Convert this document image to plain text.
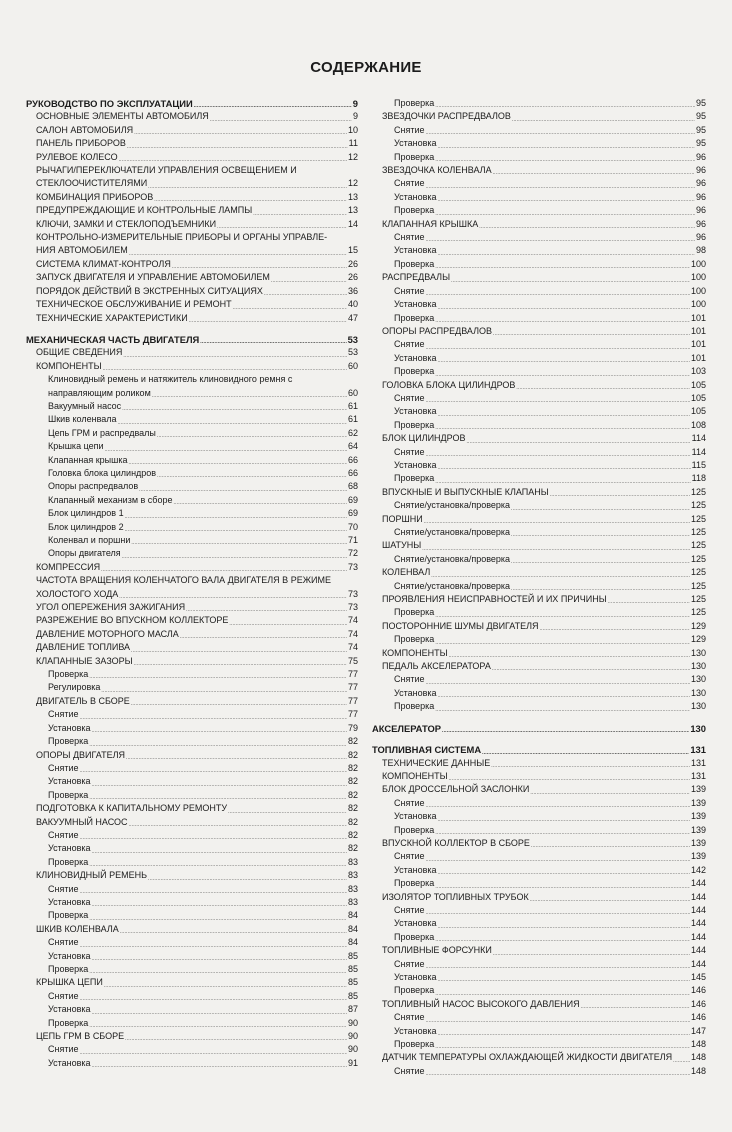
СОДЕРЖАНИЕ
РУКОВОДСТВО ПО ЭКСПЛУАТАЦИИ . . .	9
ОСНОВНЫЕ ЭЛЕМЕНТЫ АВТОМОБИЛЯ . . .	9
САЛОН АВТОМОБИЛЯ . . .	10
ПАНЕЛЬ ПРИБОРОВ . . .	11
РУЛЕВОЕ КОЛЕСО . . .	12
РЫЧАГИ/ПЕРЕКЛЮЧАТЕЛИ УПРАВЛЕНИЯ ОСВЕЩЕНИЕМ И
СТЕКЛООЧИСТИТЕЛЯМИ . . .	12
КОМБИНАЦИЯ ПРИБОРОВ . . .	13
ПРЕДУПРЕЖДАЮЩИЕ И КОНТРОЛЬНЫЕ ЛАМПЫ . . .	13
КЛЮЧИ, ЗАМКИ И СТЕКЛОПОДЪЕМНИКИ . . .	14
КОНТРОЛЬНО-ИЗМЕРИТЕЛЬНЫЕ ПРИБОРЫ И ОРГАНЫ УПРАВЛЕ-
НИЯ АВТОМОБИЛЕМ . . .	15
СИСТЕМА КЛИМАТ-КОНТРОЛЯ . . .	26
ЗАПУСК ДВИГАТЕЛЯ И УПРАВЛЕНИЕ АВТОМОБИЛЕМ . . .	26
ПОРЯДОК ДЕЙСТВИЙ В ЭКСТРЕННЫХ СИТУАЦИЯХ . . .	36
ТЕХНИЧЕСКОЕ ОБСЛУЖИВАНИЕ И РЕМОНТ . . .	40
ТЕХНИЧЕСКИЕ ХАРАКТЕРИСТИКИ . . .	47
МЕХАНИЧЕСКАЯ ЧАСТЬ ДВИГАТЕЛЯ . . .	53
ОБЩИЕ СВЕДЕНИЯ . . .	53
КОМПОНЕНТЫ . . .	60
Клиновидный ремень и натяжитель клиновидного ремня с
направляющим роликом . . .	60
Вакуумный насос . . .	61
Шкив коленвала . . .	61
Цепь ГРМ и распредвалы . . .	62
Крышка цепи . . .	64
Клапанная крышка . . .	66
Головка блока цилиндров . . .	66
Опоры распредвалов . . .	68
Клапанный механизм в сборе . . .	69
Блок цилиндров 1 . . .	69
Блок цилиндров 2 . . .	70
Коленвал и поршни . . .	71
Опоры двигателя . . .	72
КОМПРЕССИЯ . . .	73
ЧАСТОТА ВРАЩЕНИЯ КОЛЕНЧАТОГО ВАЛА ДВИГАТЕЛЯ В РЕЖИМЕ
ХОЛОСТОГО ХОДА . . .	73
УГОЛ ОПЕРЕЖЕНИЯ ЗАЖИГАНИЯ . . .	73
РАЗРЕЖЕНИЕ ВО ВПУСКНОМ КОЛЛЕКТОРЕ . . .	74
ДАВЛЕНИЕ МОТОРНОГО МАСЛА . . .	74
ДАВЛЕНИЕ ТОПЛИВА . . .	74
КЛАПАННЫЕ ЗАЗОРЫ . . .	75
Проверка . . .	77
Регулировка . . .	77
ДВИГАТЕЛЬ В СБОРЕ . . .	77
Снятие . . .	77
Установка . . .	79
Проверка . . .	82
ОПОРЫ ДВИГАТЕЛЯ . . .	82
Снятие . . .	82
Установка . . .	82
Проверка . . .	82
ПОДГОТОВКА К КАПИТАЛЬНОМУ РЕМОНТУ . . .	82
ВАКУУМНЫЙ НАСОС . . .	82
Снятие . . .	82
Установка . . .	82
Проверка . . .	83
КЛИНОВИДНЫЙ РЕМЕНЬ . . .	83
Снятие . . .	83
Установка . . .	83
Проверка . . .	84
ШКИВ КОЛЕНВАЛА . . .	84
Снятие . . .	84
Установка . . .	85
Проверка . . .	85
КРЫШКА ЦЕПИ . . .	85
Снятие . . .	85
Установка . . .	87
Проверка . . .	90
ЦЕПЬ ГРМ В СБОРЕ . . .	90
Снятие . . .	90
Установка . . .	91
Проверка . . .	95
ЗВЕЗДОЧКИ РАСПРЕДВАЛОВ . . .	95
Снятие . . .	95
Установка . . .	95
Проверка . . .	96
ЗВЕЗДОЧКА КОЛЕНВАЛА . . .	96
Снятие . . .	96
Установка . . .	96
Проверка . . .	96
КЛАПАННАЯ КРЫШКА . . .	96
Снятие . . .	96
Установка . . .	98
Проверка . . .	100
РАСПРЕДВАЛЫ . . .	100
Снятие . . .	100
Установка . . .	100
Проверка . . .	101
ОПОРЫ РАСПРЕДВАЛОВ . . .	101
Снятие . . .	101
Установка . . .	101
Проверка . . .	103
ГОЛОВКА БЛОКА ЦИЛИНДРОВ . . .	105
Снятие . . .	105
Установка . . .	105
Проверка . . .	108
БЛОК ЦИЛИНДРОВ . . .	114
Снятие . . .	114
Установка . . .	115
Проверка . . .	118
ВПУСКНЫЕ И ВЫПУСКНЫЕ КЛАПАНЫ . . .	125
Снятие/установка/проверка . . .	125
ПОРШНИ . . .	125
Снятие/установка/проверка . . .	125
ШАТУНЫ . . .	125
Снятие/установка/проверка . . .	125
КОЛЕНВАЛ . . .	125
Снятие/установка/проверка . . .	125
ПРОЯВЛЕНИЯ НЕИСПРАВНОСТЕЙ И ИХ ПРИЧИНЫ . . .	125
Проверка . . .	125
ПОСТОРОННИЕ ШУМЫ ДВИГАТЕЛЯ . . .	129
Проверка . . .	129
КОМПОНЕНТЫ . . .	130
ПЕДАЛЬ АКСЕЛЕРАТОРА . . .	130
Снятие . . .	130
Установка . . .	130
Проверка . . .	130
АКСЕЛЕРАТОР . . .	130
ТОПЛИВНАЯ СИСТЕМА . . .	131
ТЕХНИЧЕСКИЕ ДАННЫЕ . . .	131
КОМПОНЕНТЫ . . .	131
БЛОК ДРОССЕЛЬНОЙ ЗАСЛОНКИ . . .	139
Снятие . . .	139
Установка . . .	139
Проверка . . .	139
ВПУСКНОЙ КОЛЛЕКТОР В СБОРЕ . . .	139
Снятие . . .	139
Установка . . .	142
Проверка . . .	144
ИЗОЛЯТОР ТОПЛИВНЫХ ТРУБОК . . .	144
Снятие . . .	144
Установка . . .	144
Проверка . . .	144
ТОПЛИВНЫЕ ФОРСУНКИ . . .	144
Снятие . . .	144
Установка . . .	145
Проверка . . .	146
ТОПЛИВНЫЙ НАСОС ВЫСОКОГО ДАВЛЕНИЯ . . .	146
Снятие . . .	146
Установка . . .	147
Проверка . . .	148
ДАТЧИК ТЕМПЕРАТУРЫ ОХЛАЖДАЮЩЕЙ ЖИДКОСТИ ДВИГАТЕЛЯ . . . 148
Снятие . . .	148
